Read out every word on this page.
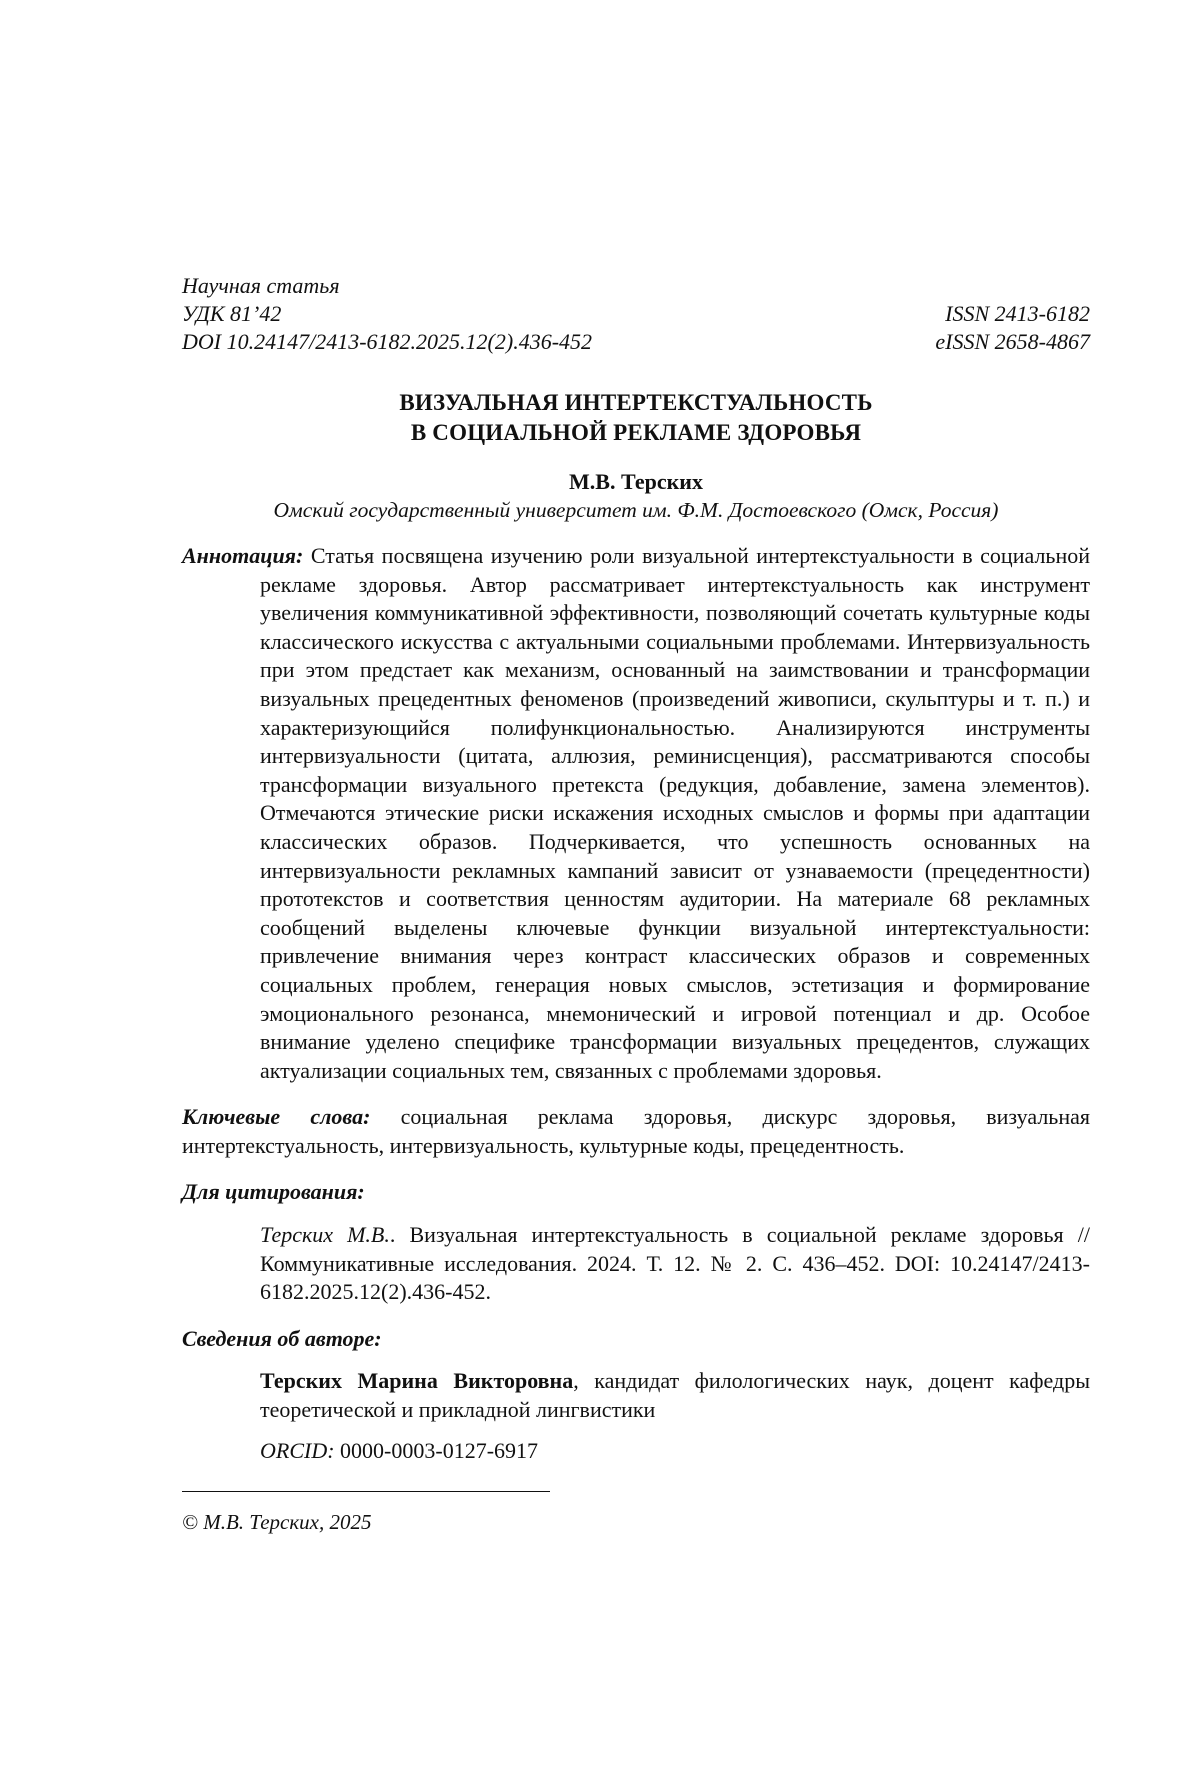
Научная статья
УДК 81’42	ISSN 2413-6182
DOI 10.24147/2413-6182.2025.12(2).436-452	eISSN 2658-4867
ВИЗУАЛЬНАЯ ИНТЕРТЕКСТУАЛЬНОСТЬ
В СОЦИАЛЬНОЙ РЕКЛАМЕ ЗДОРОВЬЯ
М.В. Терских
Омский государственный университет им. Ф.М. Достоевского (Омск, Россия)
Аннотация: Статья посвящена изучению роли визуальной интертекстуальности в социальной рекламе здоровья. Автор рассматривает интертекстуальность как инструмент увеличения коммуникативной эффективности, позволяющий сочетать культурные коды классического искусства с актуальными социальными проблемами. Интервизуальность при этом предстает как механизм, основанный на заимствовании и трансформации визуальных прецедентных феноменов (произведений живописи, скульптуры и т. п.) и характеризующийся полифункциональностью. Анализируются инструменты интервизуальности (цитата, аллюзия, реминисценция), рассматриваются способы трансформации визуального претекста (редукция, добавление, замена элементов). Отмечаются этические риски искажения исходных смыслов и формы при адаптации классических образов. Подчеркивается, что успешность основанных на интервизуальности рекламных кампаний зависит от узнаваемости (прецедентности) прототекстов и соответствия ценностям аудитории. На материале 68 рекламных сообщений выделены ключевые функции визуальной интертекстуальности: привлечение внимания через контраст классических образов и современных социальных проблем, генерация новых смыслов, эстетизация и формирование эмоционального резонанса, мнемонический и игровой потенциал и др. Особое внимание уделено специфике трансформации визуальных прецедентов, служащих актуализации социальных тем, связанных с проблемами здоровья.
Ключевые слова: социальная реклама здоровья, дискурс здоровья, визуальная интертекстуальность, интервизуальность, культурные коды, прецедентность.
Для цитирования:
Терских М.В.. Визуальная интертекстуальность в социальной рекламе здоровья // Коммуникативные исследования. 2024. Т. 12. № 2. С. 436–452. DOI: 10.24147/2413-6182.2025.12(2).436-452.
Сведения об авторе:
Терских Марина Викторовна, кандидат филологических наук, доцент кафедры теоретической и прикладной лингвистики
ORCID: 0000-0003-0127-6917
© М.В. Терских, 2025
